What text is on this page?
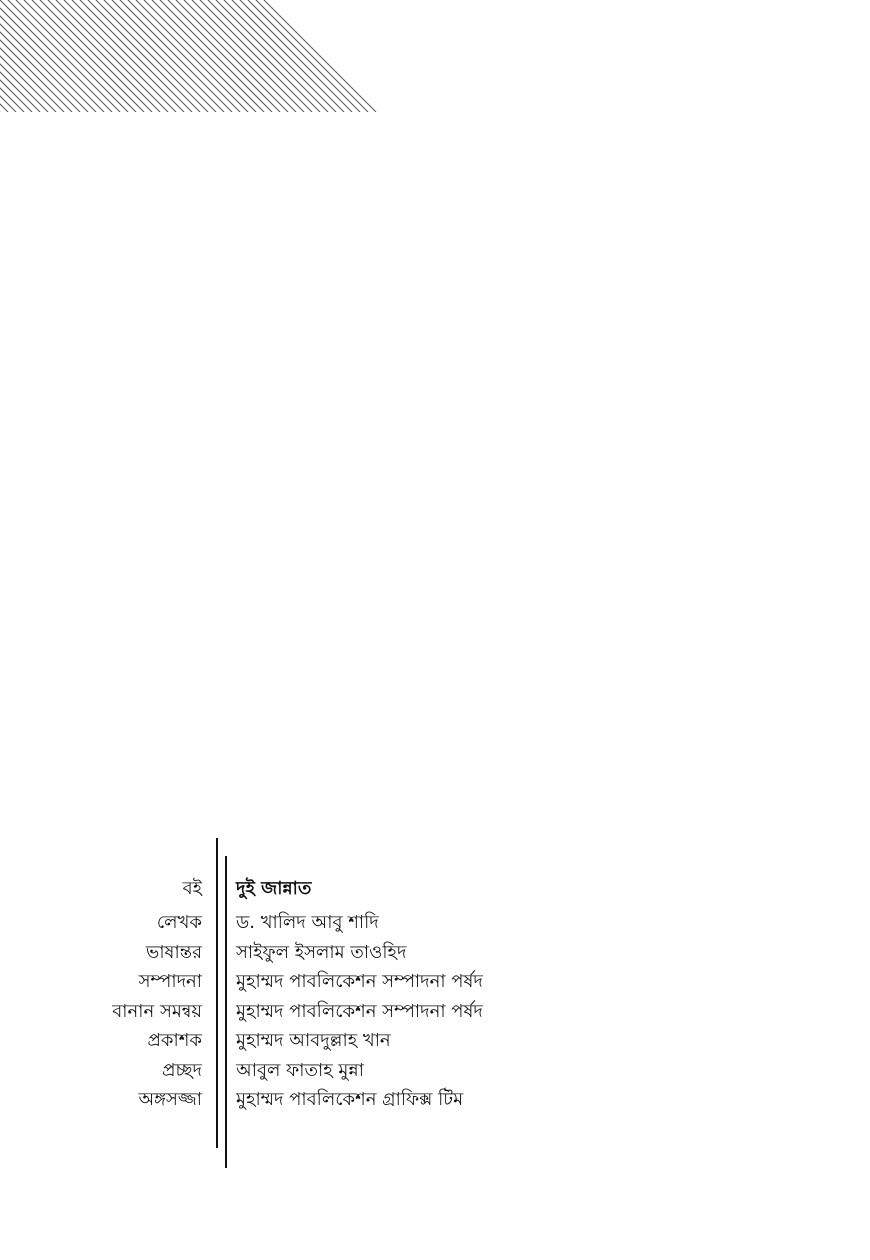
বই দুই জান্নাত
লেখক ড. খালিদ আবু শাদি
ভাষান্তর সাইফুল ইসলাম তাওহিদ
সম্পাদনা মুহাম্মদ পাবলিকেশন সম্পাদনা পর্ষদ
বানান সমন্বয় মুহাম্মদ পাবলিকেশন সম্পাদনা পর্ষদ
প্রকাশক মুহাম্মদ আবদুল্লাহ খান
প্রচ্ছদ আবুল ফাতাহ মুন্না
অঙ্গসজ্জা মুহাম্মদ পাবলিকেশন গ্রাফিক্স টিম
